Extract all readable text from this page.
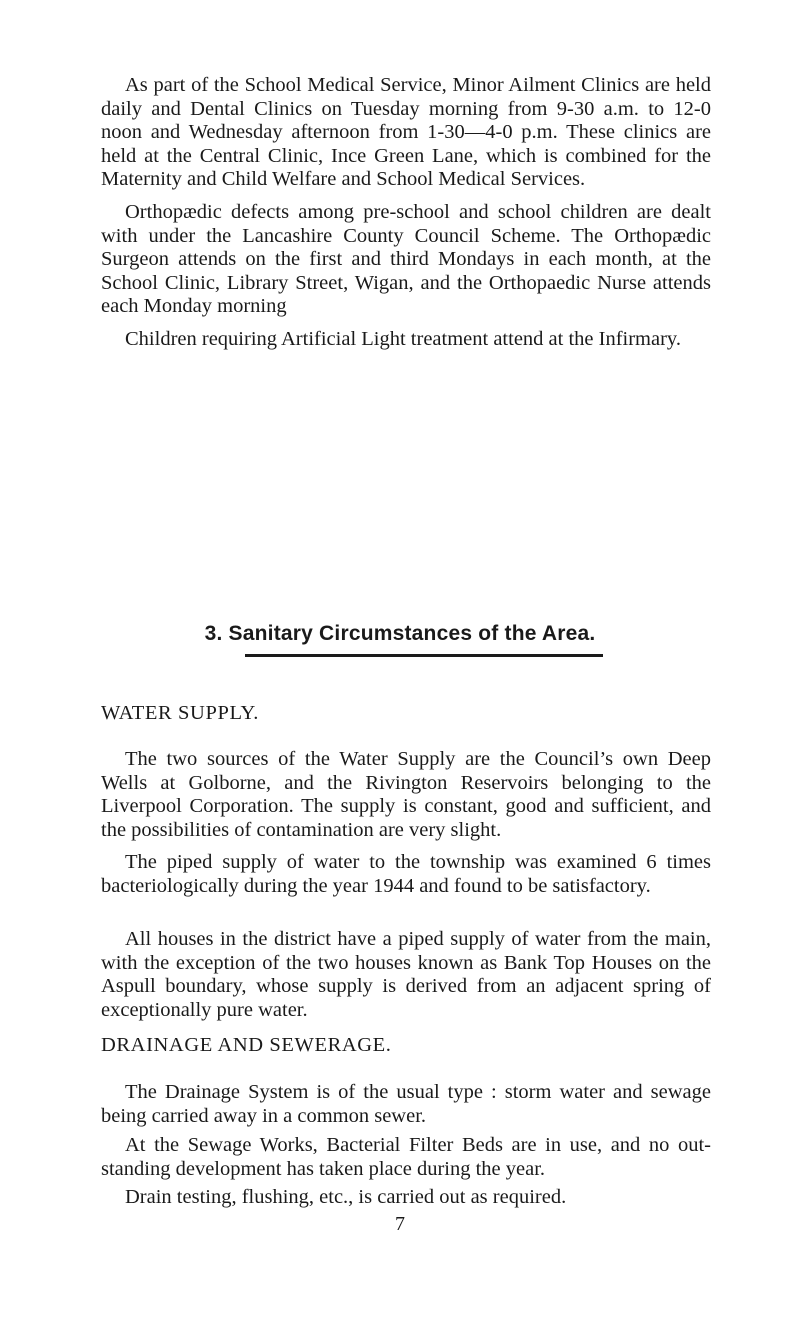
As part of the School Medical Service, Minor Ailment Clinics are held daily and Dental Clinics on Tuesday morning from 9-30 a.m. to 12-0 noon and Wednesday afternoon from 1-30—4-0 p.m. These clinics are held at the Central Clinic, Ince Green Lane, which is combined for the Maternity and Child Welfare and School Medical Services.

Orthopædic defects among pre-school and school children are dealt with under the Lancashire County Council Scheme. The Orthopædic Surgeon attends on the first and third Mondays in each month, at the School Clinic, Library Street, Wigan, and the Orthopaedic Nurse attends each Monday morning

Children requiring Artificial Light treatment attend at the Infirmary.

3. Sanitary Circumstances of the Area.
WATER SUPPLY.

The two sources of the Water Supply are the Council’s own Deep Wells at Golborne, and the Rivington Reservoirs belonging to the Liverpool Corporation. The supply is constant, good and sufficient, and the possibilities of contamination are very slight.

The piped supply of water to the township was examined 6 times bacteriologically during the year 1944 and found to be satisfactory.

All houses in the district have a piped supply of water from the main, with the exception of the two houses known as Bank Top Houses on the Aspull boundary, whose supply is derived from an adjacent spring of exceptionally pure water.

DRAINAGE AND SEWERAGE.

The Drainage System is of the usual type : storm water and sewage being carried away in a common sewer.

At the Sewage Works, Bacterial Filter Beds are in use, and no out-standing development has taken place during the year.

Drain testing, flushing, etc., is carried out as required.

7
